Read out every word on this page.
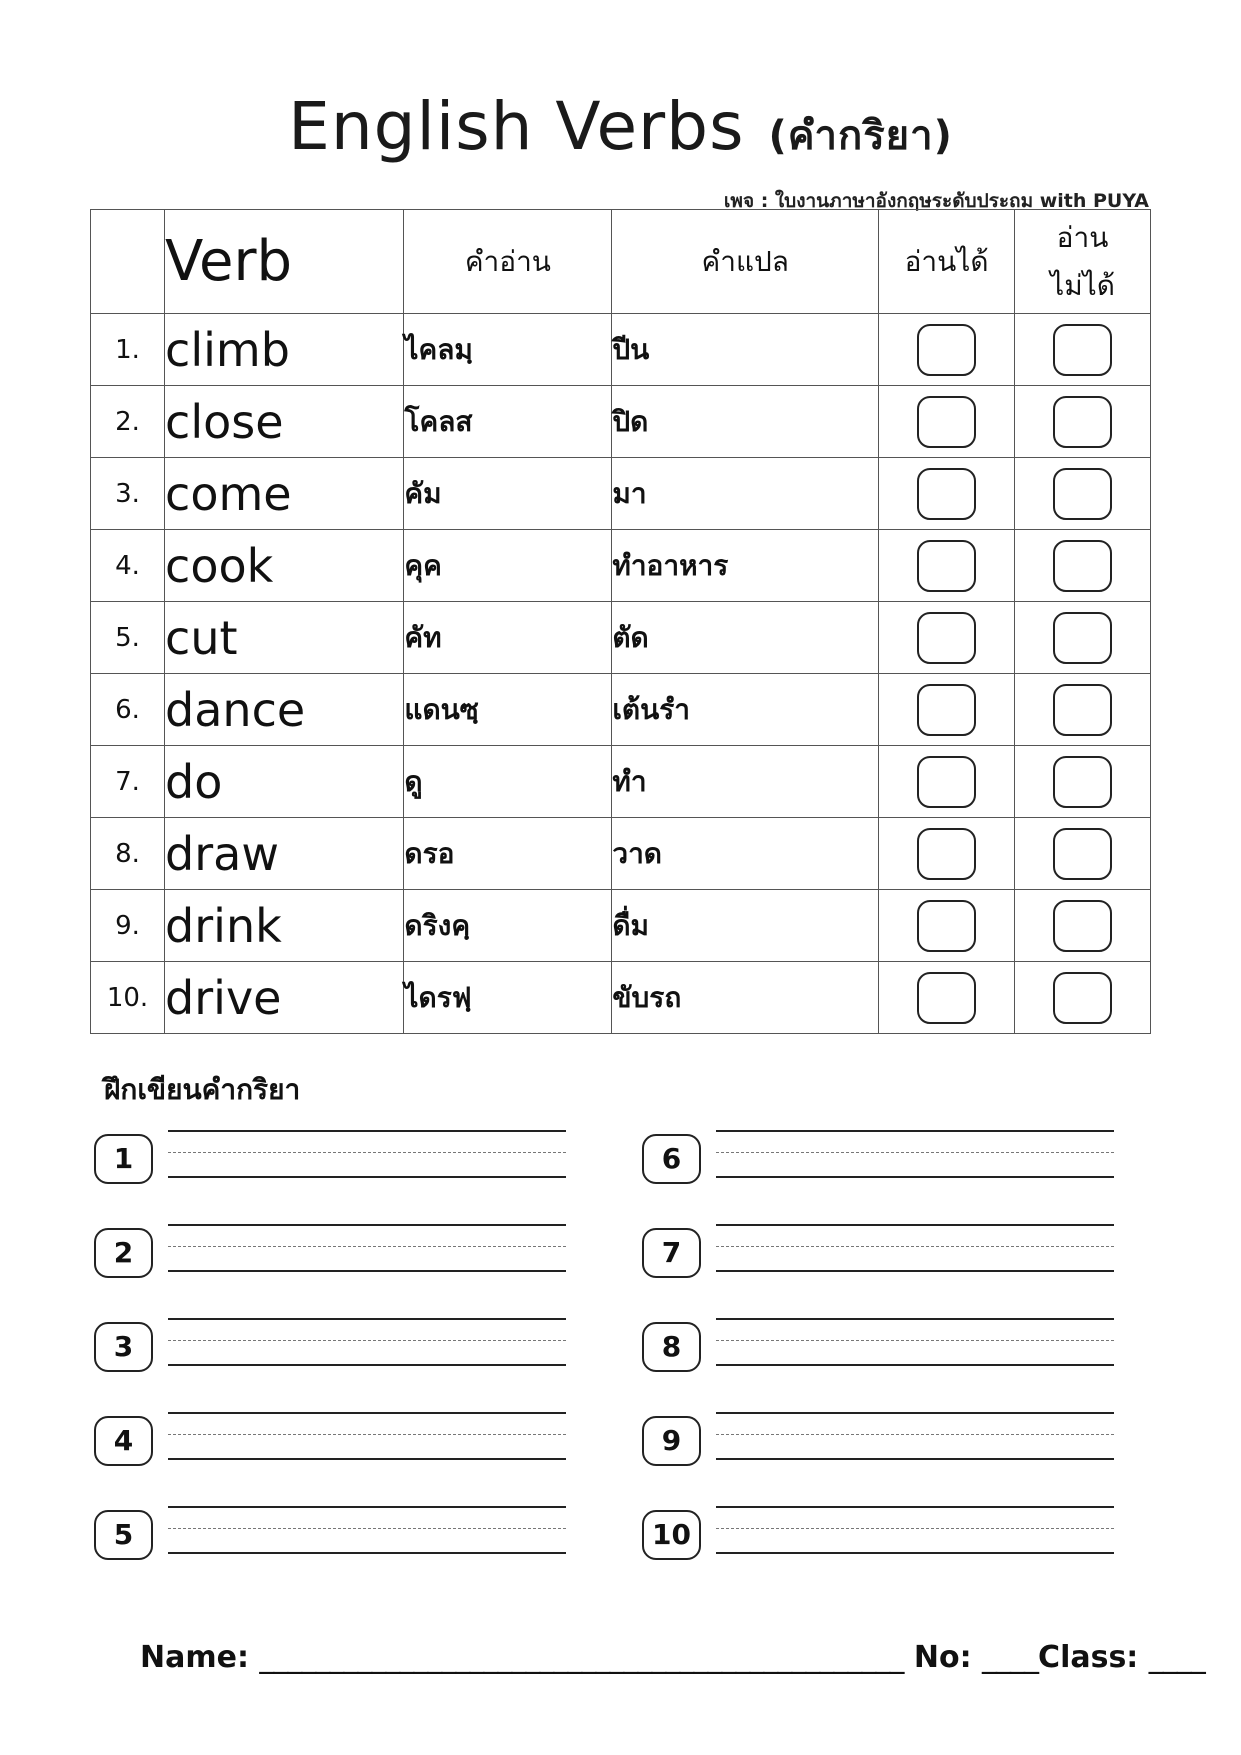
English Verbs (คำกริยา)
เพจ : ใบงานภาษาอังกฤษระดับประถม with PUYA
	Verb	คำอ่าน	คำแปล	อ่านได้	อ่าน
ไม่ได้
1.	climb	ไคลมฺ	ปีน		
2.	close	โคลส	ปิด		
3.	come	คัม	มา		
4.	cook	คุค	ทำอาหาร		
5.	cut	คัท	ตัด		
6.	dance	แดนซฺ	เต้นรำ		
7.	do	ดู	ทำ		
8.	draw	ดรอ	วาด		
9.	drink	ดริงคฺ	ดื่ม		
10.	drive	ไดรฟฺ	ขับรถ		
ฝึกเขียนคำกริยา
1
2
3
4
5
6
7
8
9
10
Name: ______________________________________________ No: ____Class: ____
